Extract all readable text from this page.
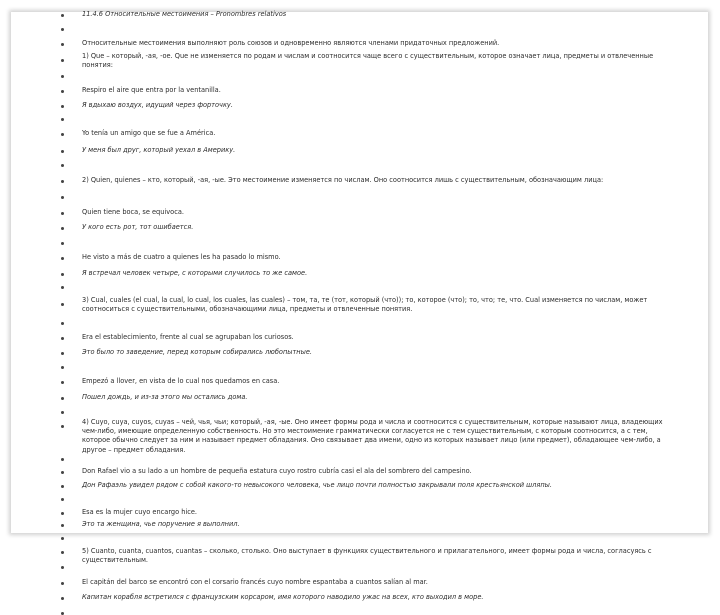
11.4.6 Относительные местоимения – Pronombres relativos
Относительные местоимения выполняют роль союзов и одновременно являются членами придаточных предложений.
1) Que – который, -ая, -ое. Que не изменяется по родам и числам и соотносится чаще всего с существительным, которое означает лица, предметы и отвлеченные понятия:
Respiro el aire que entra por la ventanilla.
Я вдыхаю воздух, идущий через форточку.
Yo tenía un amigo que se fue a América.
У меня был друг, который уехал в Америку.
2) Quien, quienes – кто, который, -ая, -ые. Это местоимение изменяется по числам. Оно соотносится лишь с существительным, обозначающим лица:
Quien tiene boca, se equivoca.
У кого есть рот, тот ошибается.
He visto a más de cuatro a quienes les ha pasado lo mismo.
Я встречал человек четыре, с которыми случилось то же самое.
3) Cual, cuales (el cual, la cual, lo cual, los cuales, las cuales) – том, та, те (тот, который (что)); то, которое (что); то, что; те, что. Cual изменяется по числам, может соотноситься с существительными, обозначающими лица, предметы и отвлеченные понятия.
Era el establecimiento, frente al cual se agrupaban los curiosos.
Это было то заведение, перед которым собирались любопытные.
Empezó a llover, en vista de lo cual nos quedamos en casa.
Пошел дождь, и из-за этого мы остались дома.
4) Cuyo, cuya, cuyos, cuyas – чей, чья, чьи; который, -ая, -ые. Оно имеет формы рода и числа и соотносится с существительным, которые называют лица, владеющих чем-либо, имеющие определенную собственность. Но это местоимение грамматически согласуется не с тем существительным, с которым соотносится, а с тем, которое обычно следует за ним и называет предмет обладания. Оно связывает два имени, одно из которых называет лицо (или предмет), обладающее чем-либо, а другое – предмет обладания.
Don Rafael vio a su lado a un hombre de pequeña estatura cuyo rostro cubría casi el ala del sombrero del campesino.
Дон Рафаэль увидел рядом с собой какого-то невысокого человека, чье лицо почти полностью закрывали поля крестьянской шляпы.
Esa es la mujer cuyo encargo hice.
Это та женщина, чье поручение я выполнил.
5) Cuanto, cuanta, cuantos, cuantas – сколько, столько. Оно выступает в функциях существительного и прилагательного, имеет формы рода и числа, согласуясь с существительным.
El capitán del barco se encontró con el corsario francés cuyo nombre espantaba a cuantos salían al mar.
Капитан корабля встретился с французским корсаром, имя которого наводило ужас на всех, кто выходил в море.
